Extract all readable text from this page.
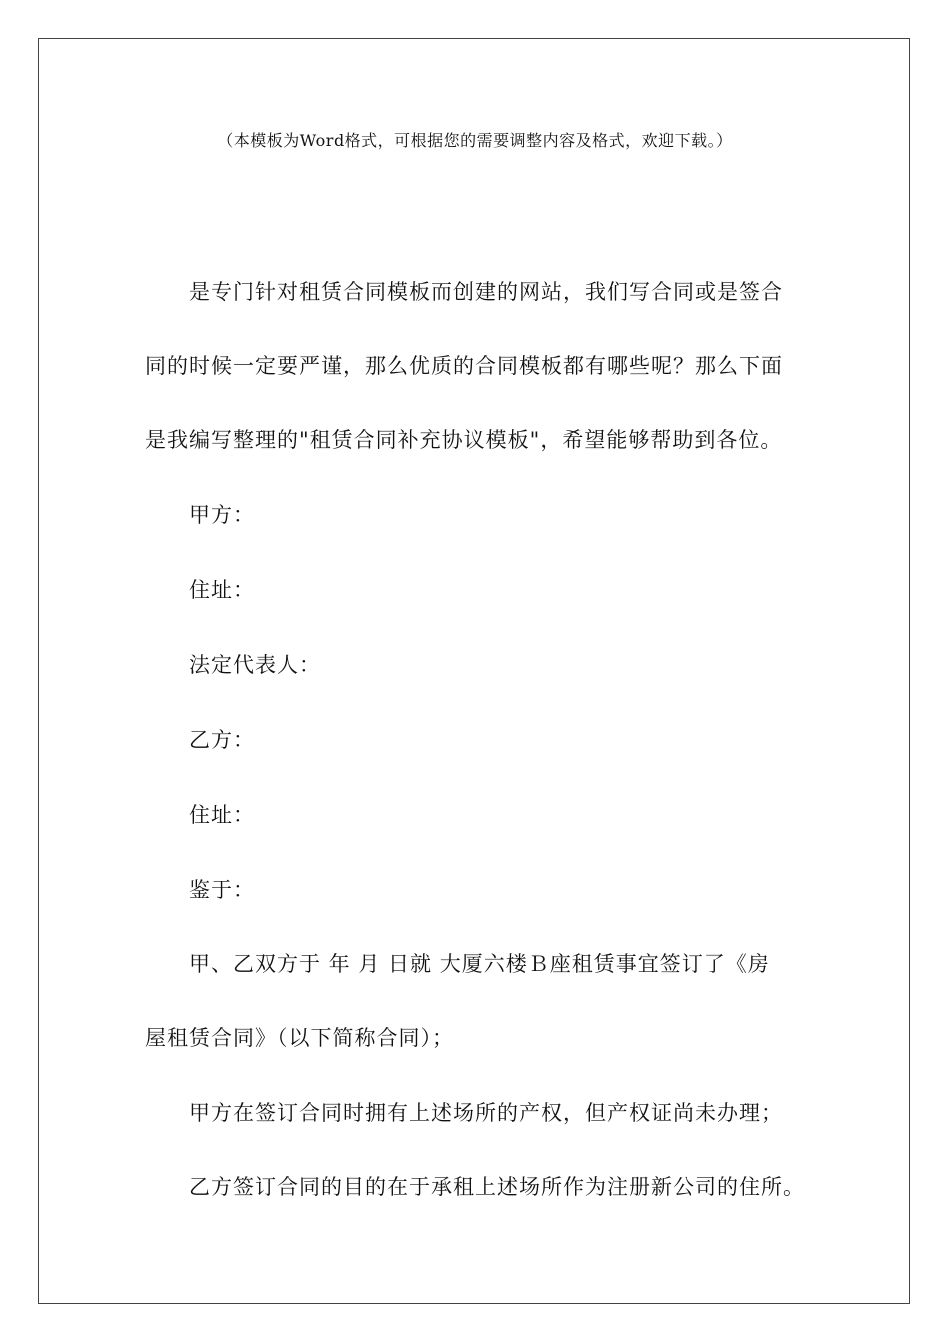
（本模板为Word格式，可根据您的需要调整内容及格式，欢迎下载。）
是专门针对租赁合同模板而创建的网站，我们写合同或是签合
同的时候一定要严谨，那么优质的合同模板都有哪些呢？那么下面
是我编写整理的"租赁合同补充协议模板"，希望能够帮助到各位。
甲方：
住址：
法定代表人：
乙方：
住址：
鉴于：
甲、乙双方于 年 月 日就 大厦六楼Ｂ座租赁事宜签订了《房
屋租赁合同》（以下简称合同）；
甲方在签订合同时拥有上述场所的产权，但产权证尚未办理；
乙方签订合同的目的在于承租上述场所作为注册新公司的住所。
